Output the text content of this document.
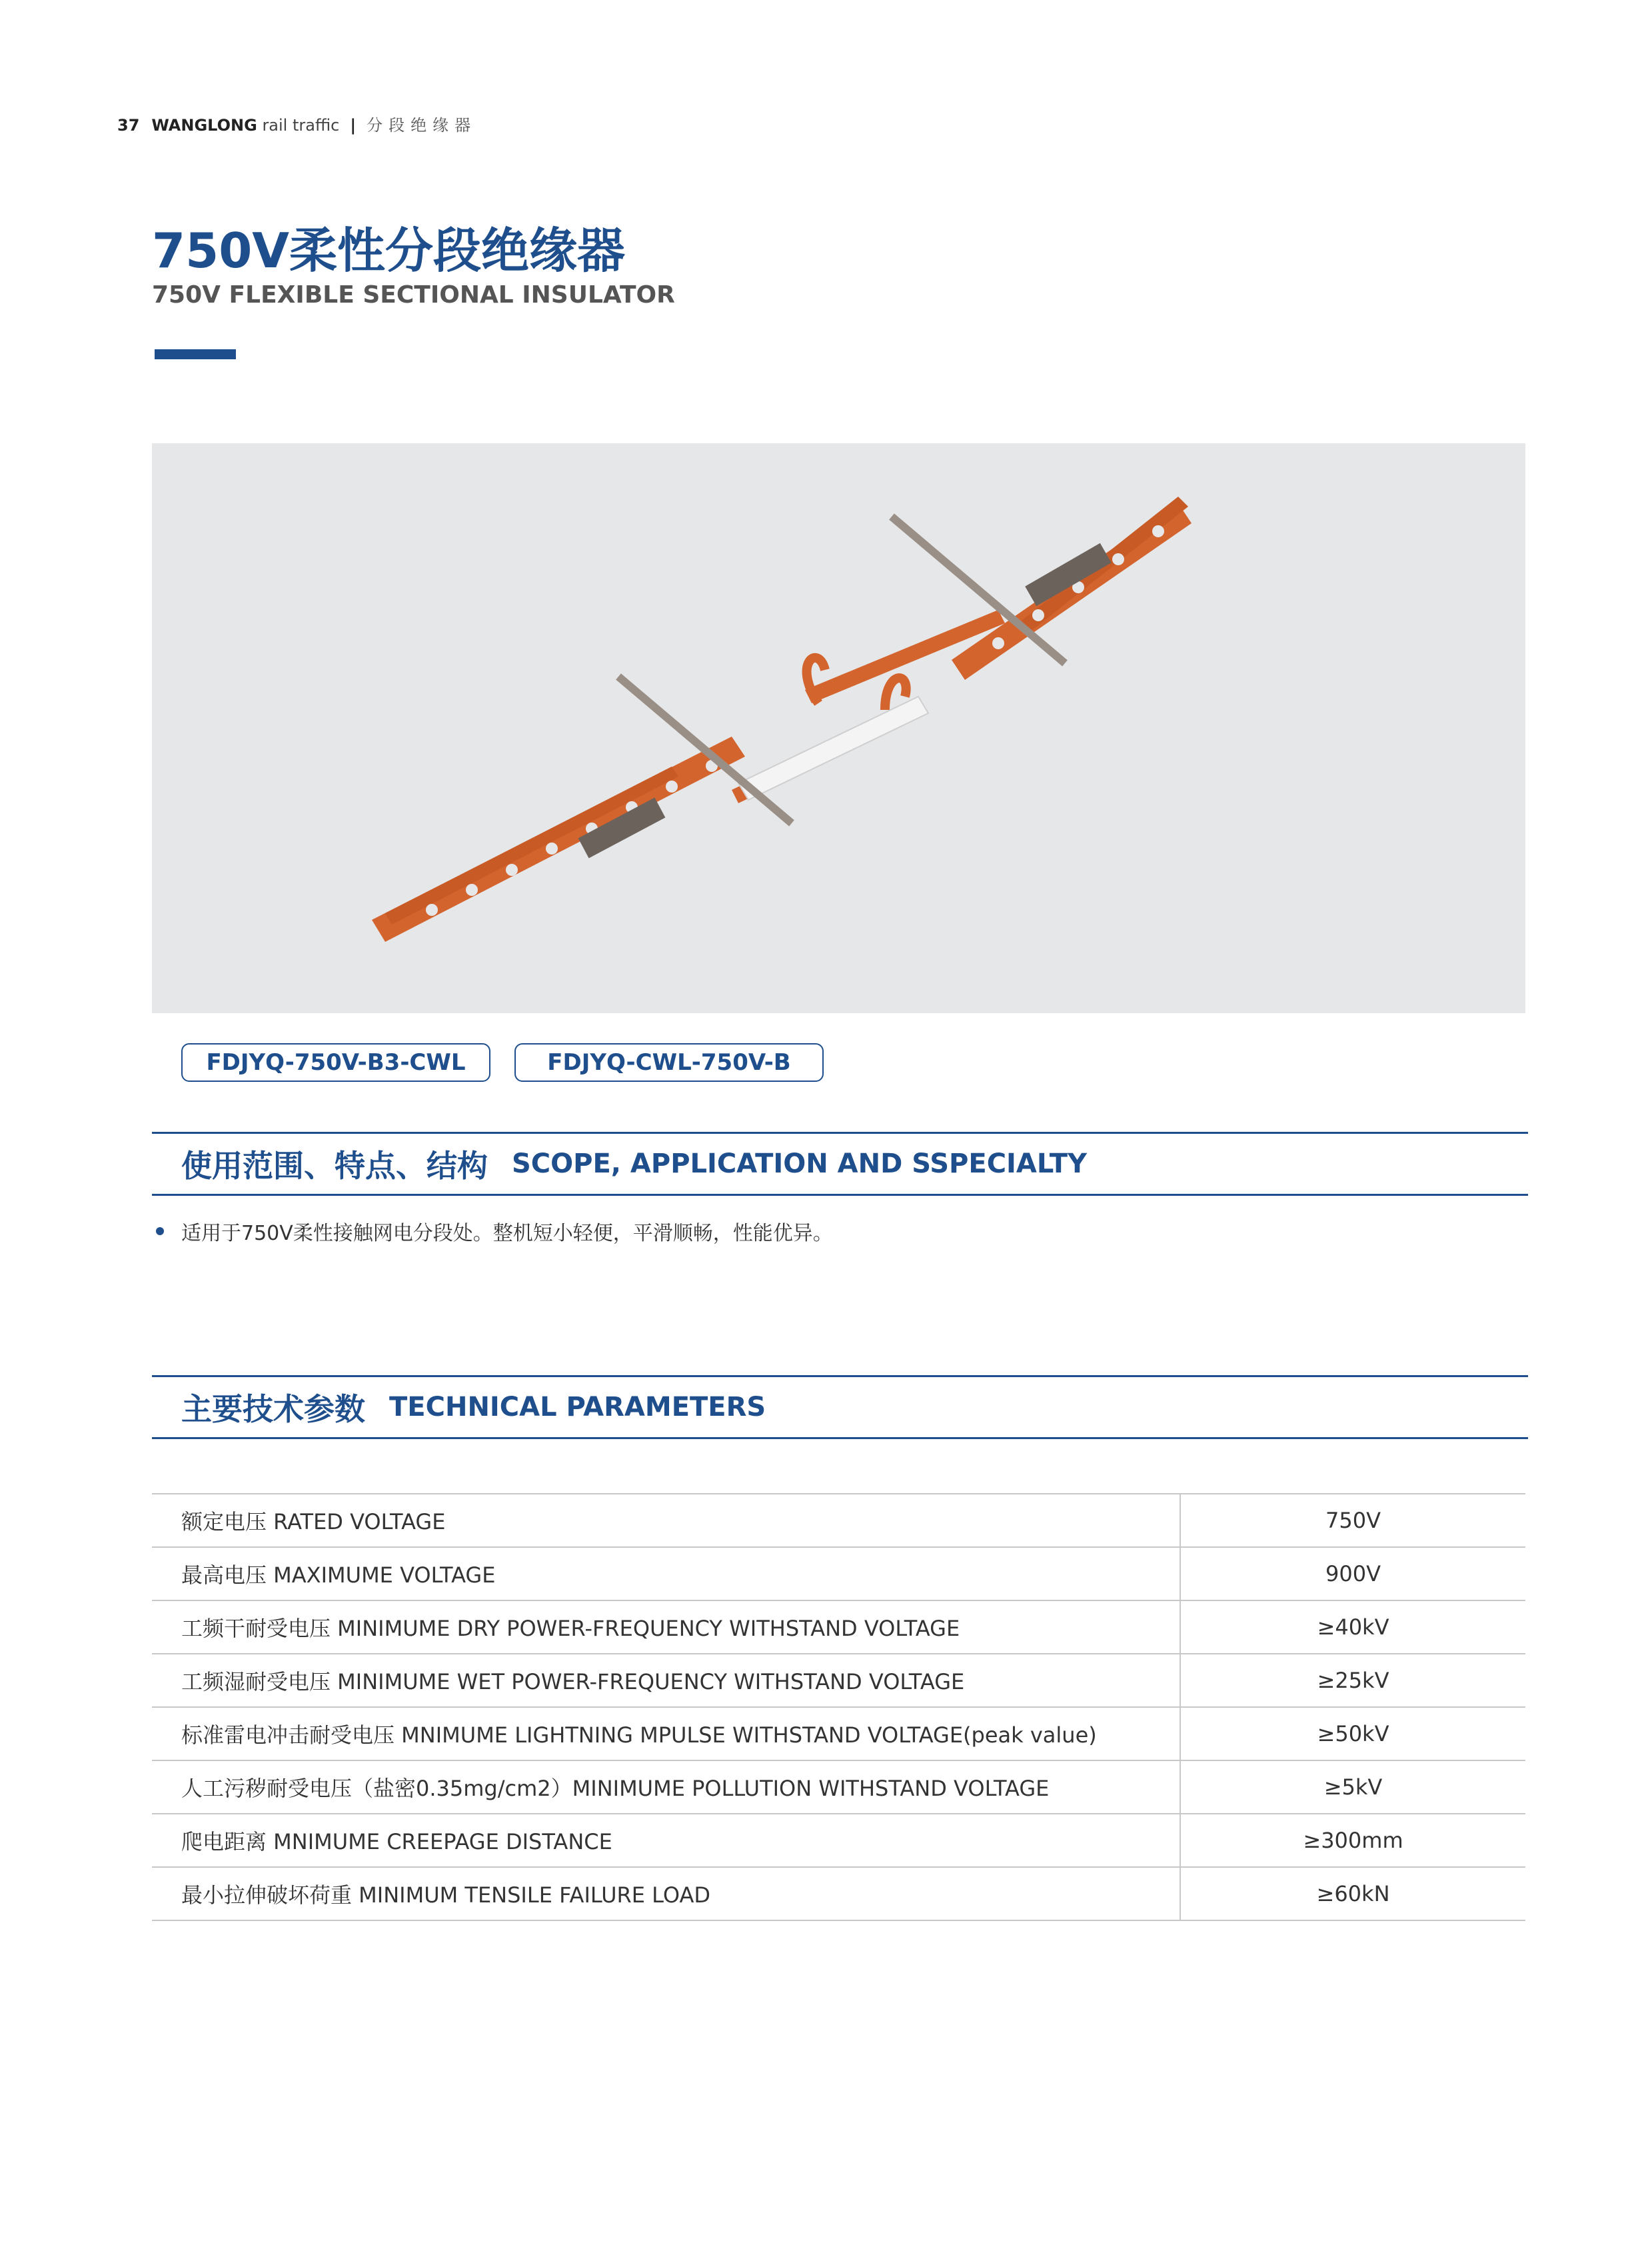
37 WANGLONG rail traffic | 分段绝缘器
750V柔性分段绝缘器
750V FLEXIBLE SECTIONAL INSULATOR
FDJYQ-750V-B3-CWL	FDJYQ-CWL-750V-B
使用范围、特点、结构 SCOPE, APPLICATION AND SSPECIALTY
适用于750V柔性接触网电分段处。整机短小轻便，平滑顺畅，性能优异。
主要技术参数 TECHNICAL PARAMETERS
额定电压 RATED VOLTAGE	750V
最高电压 MAXIMUME VOLTAGE	900V
工频干耐受电压 MINIMUME DRY POWER-FREQUENCY WITHSTAND VOLTAGE	≥40kV
工频湿耐受电压 MINIMUME WET POWER-FREQUENCY WITHSTAND VOLTAGE	≥25kV
标准雷电冲击耐受电压 MNIMUME LIGHTNING MPULSE WITHSTAND VOLTAGE(peak value)	≥50kV
人工污秽耐受电压（盐密0.35mg/cm2）MINIMUME POLLUTION WITHSTAND VOLTAGE	≥5kV
爬电距离 MNIMUME CREEPAGE DISTANCE	≥300mm
最小拉伸破坏荷重 MINIMUM TENSILE FAILURE LOAD	≥60kN
